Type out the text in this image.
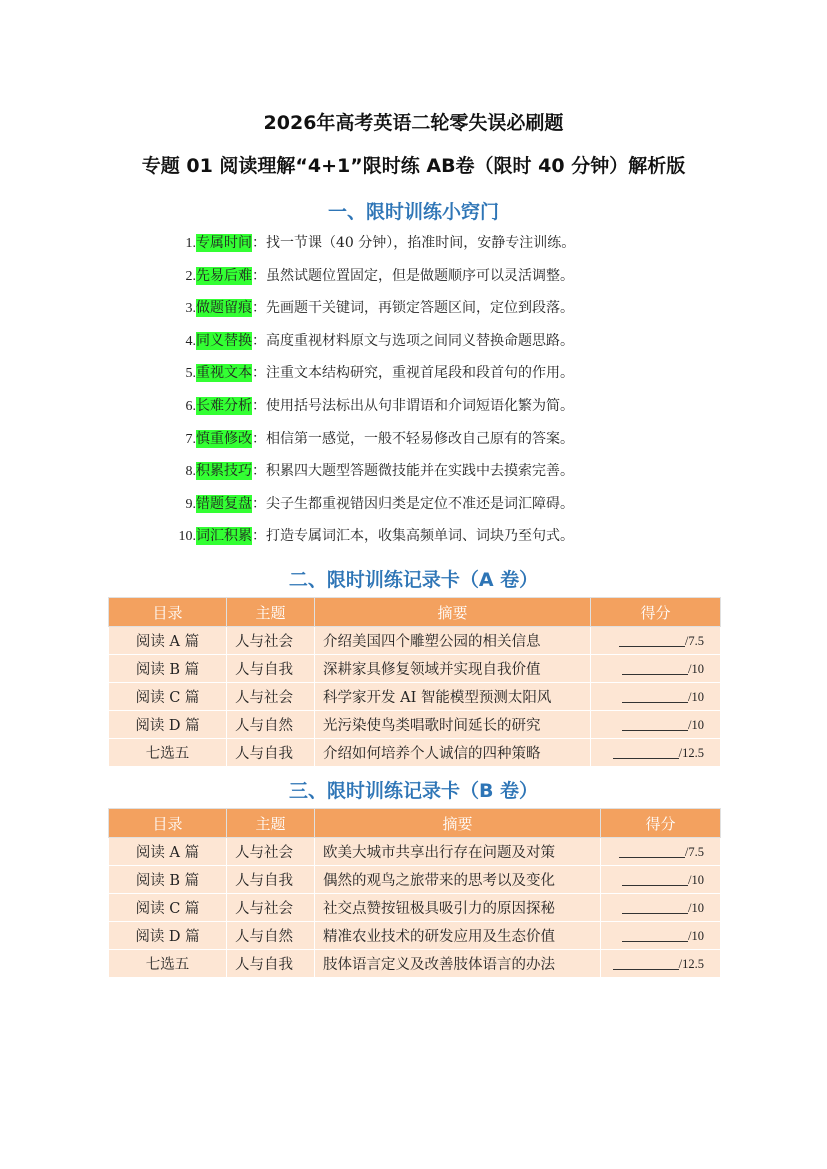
2026年高考英语二轮零失误必刷题
专题 01 阅读理解“4+1”限时练 AB卷（限时 40 分钟）解析版
一、限时训练小窍门
1.专属时间：找一节课（40 分钟），掐准时间，安静专注训练。
2.先易后难：虽然试题位置固定，但是做题顺序可以灵活调整。
3.做题留痕：先画题干关键词，再锁定答题区间，定位到段落。
4.同义替换：高度重视材料原文与选项之间同义替换命题思路。
5.重视文本：注重文本结构研究，重视首尾段和段首句的作用。
6.长难分析：使用括号法标出从句非谓语和介词短语化繁为简。
7.慎重修改：相信第一感觉，一般不轻易修改自己原有的答案。
8.积累技巧：积累四大题型答题微技能并在实践中去摸索完善。
9.错题复盘：尖子生都重视错因归类是定位不准还是词汇障碍。
10.词汇积累：打造专属词汇本，收集高频单词、词块乃至句式。
二、限时训练记录卡（A 卷）
目录	主题	摘要	得分
阅读 A 篇	人与社会	介绍美国四个雕塑公园的相关信息	/7.5
阅读 B 篇	人与自我	深耕家具修复领域并实现自我价值	/10
阅读 C 篇	人与社会	科学家开发 AI 智能模型预测太阳风	/10
阅读 D 篇	人与自然	光污染使鸟类唱歌时间延长的研究	/10
七选五	人与自我	介绍如何培养个人诚信的四种策略	/12.5
三、限时训练记录卡（B 卷）
目录	主题	摘要	得分
阅读 A 篇	人与社会	欧美大城市共享出行存在问题及对策	/7.5
阅读 B 篇	人与自我	偶然的观鸟之旅带来的思考以及变化	/10
阅读 C 篇	人与社会	社交点赞按钮极具吸引力的原因探秘	/10
阅读 D 篇	人与自然	精准农业技术的研发应用及生态价值	/10
七选五	人与自我	肢体语言定义及改善肢体语言的办法	/12.5
